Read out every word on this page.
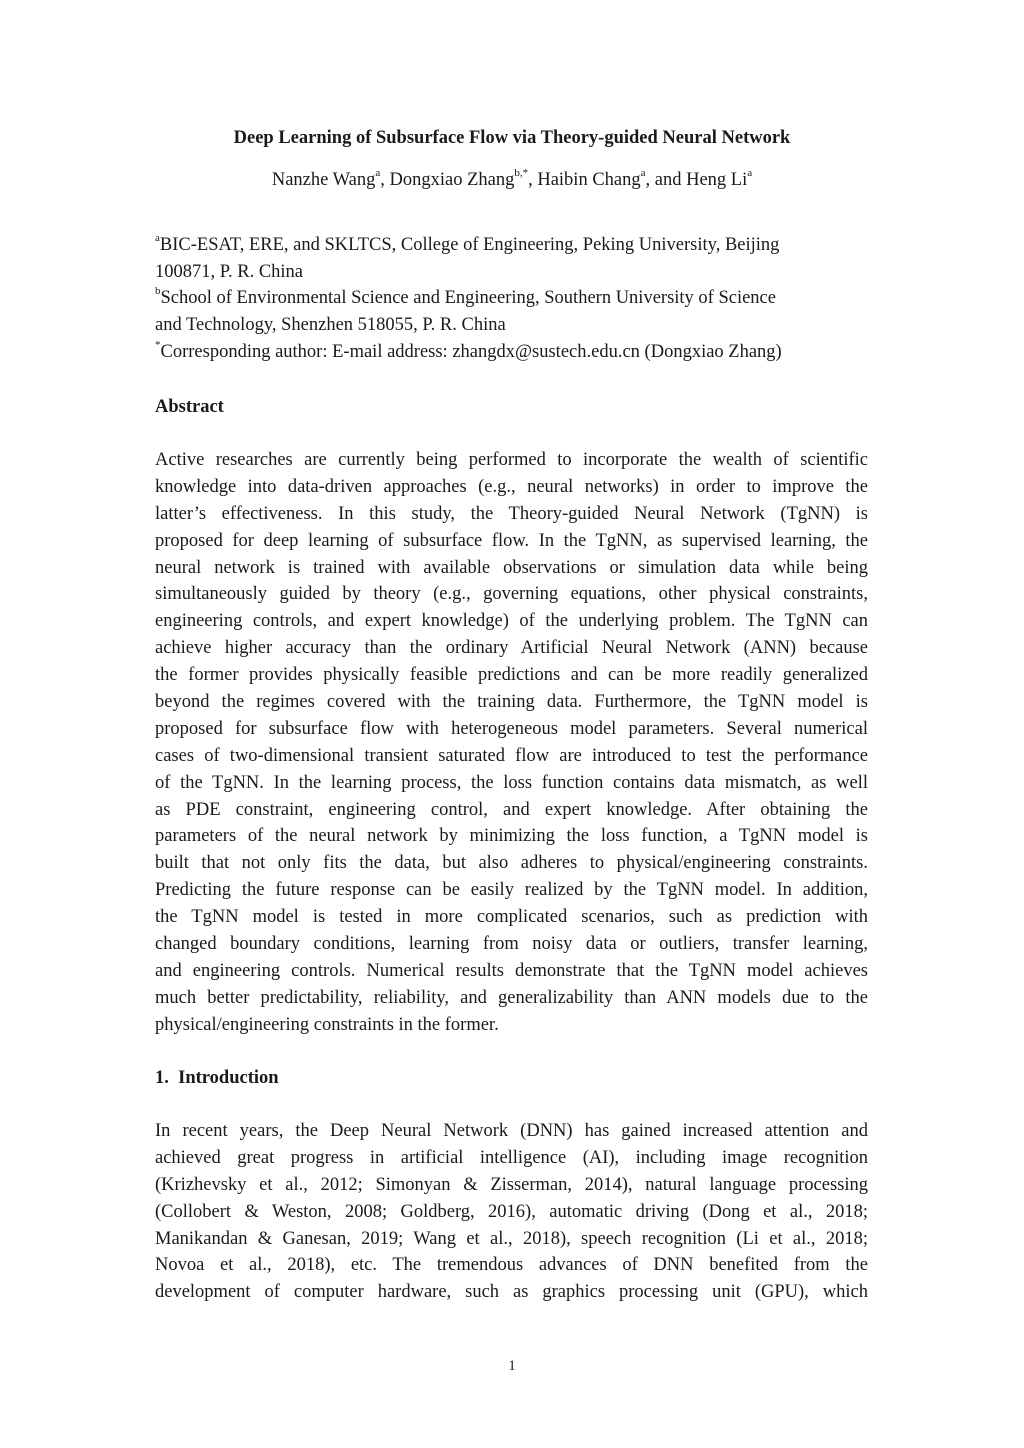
Deep Learning of Subsurface Flow via Theory-guided Neural Network
Nanzhe Wang$^a$, Dongxiao Zhang$^{b,*}$, Haibin Chang$^a$, and Heng Li$^a$
$^a$BIC-ESAT, ERE, and SKLTCS, College of Engineering, Peking University, Beijing
100871, P. R. China
$^b$School of Environmental Science and Engineering, Southern University of Science
and Technology, Shenzhen 518055, P. R. China
*Corresponding author: E-mail address: zhangdx@sustech.edu.cn (Dongxiao Zhang)
Abstract
Active researches are currently being performed to incorporate the wealth of scientific
knowledge into data-driven approaches (e.g., neural networks) in order to improve the
latter’s effectiveness. In this study, the Theory-guided Neural Network (TgNN) is
proposed for deep learning of subsurface flow. In the TgNN, as supervised learning, the
neural network is trained with available observations or simulation data while being
simultaneously guided by theory (e.g., governing equations, other physical constraints,
engineering controls, and expert knowledge) of the underlying problem. The TgNN can
achieve higher accuracy than the ordinary Artificial Neural Network (ANN) because
the former provides physically feasible predictions and can be more readily generalized
beyond the regimes covered with the training data. Furthermore, the TgNN model is
proposed for subsurface flow with heterogeneous model parameters. Several numerical
cases of two-dimensional transient saturated flow are introduced to test the performance
of the TgNN. In the learning process, the loss function contains data mismatch, as well
as PDE constraint, engineering control, and expert knowledge. After obtaining the
parameters of the neural network by minimizing the loss function, a TgNN model is
built that not only fits the data, but also adheres to physical/engineering constraints.
Predicting the future response can be easily realized by the TgNN model. In addition,
the TgNN model is tested in more complicated scenarios, such as prediction with
changed boundary conditions, learning from noisy data or outliers, transfer learning,
and engineering controls. Numerical results demonstrate that the TgNN model achieves
much better predictability, reliability, and generalizability than ANN models due to the
physical/engineering constraints in the former.
1. Introduction
In recent years, the Deep Neural Network (DNN) has gained increased attention and
achieved great progress in artificial intelligence (AI), including image recognition
(Krizhevsky et al., 2012; Simonyan & Zisserman, 2014), natural language processing
(Collobert & Weston, 2008; Goldberg, 2016), automatic driving (Dong et al., 2018;
Manikandan & Ganesan, 2019; Wang et al., 2018), speech recognition (Li et al., 2018;
Novoa et al., 2018), etc. The tremendous advances of DNN benefited from the
development of computer hardware, such as graphics processing unit (GPU), which
1
